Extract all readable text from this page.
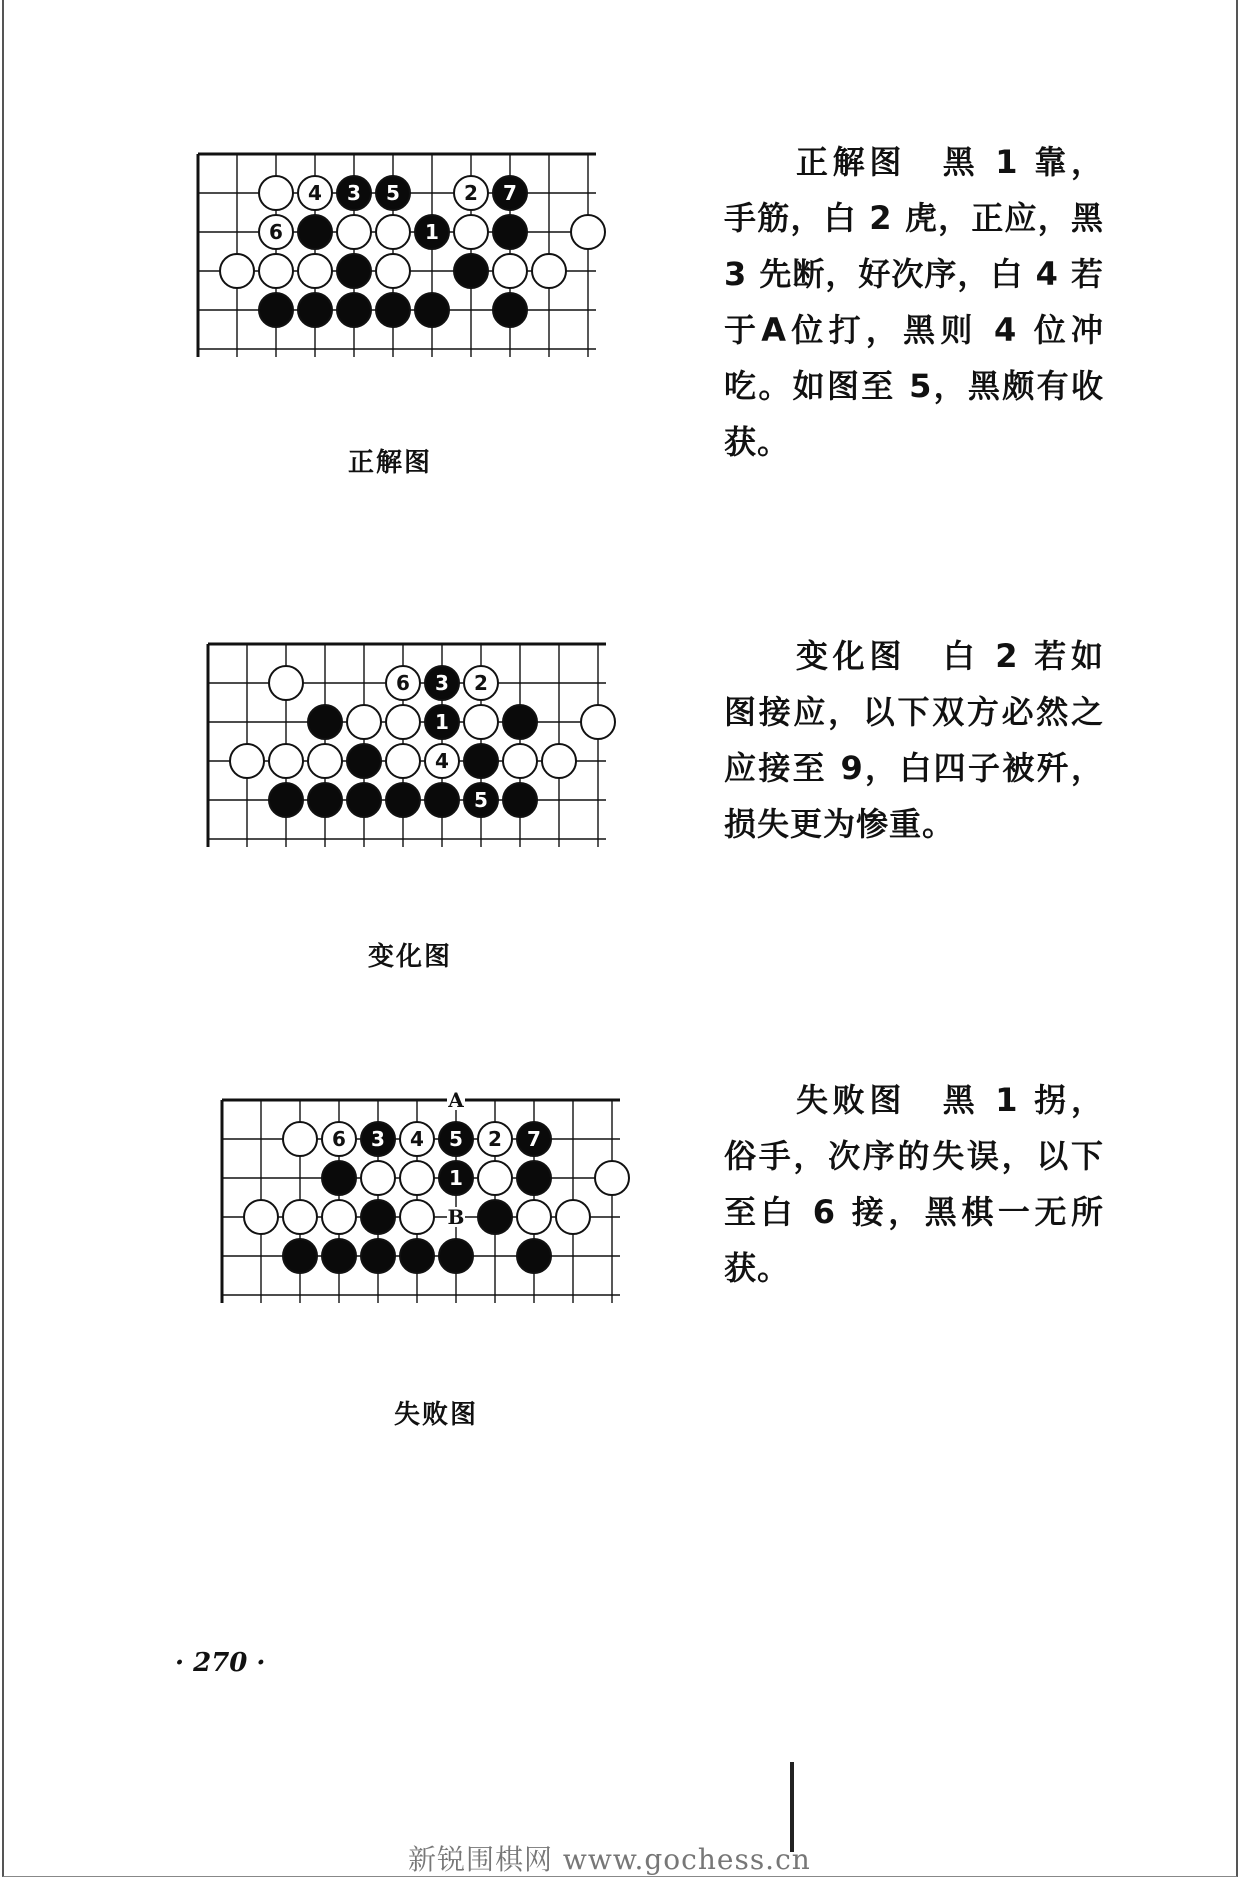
4 3 5	2 7
6	1
正解图
正解图　黑 1 靠，手筋，白 2 虎，正应，黑 3 先断，好次序，白 4 若于A位打，黑则 4 位冲吃。如图至 5，黑颇有收获。
6 3 2
1
4
5
变化图
变化图　白 2 若如图接应，以下双方必然之应接至 9，白四子被歼，损失更为惨重。
A
B
6 3 4 5 2 7
1
失败图
失败图　黑 1 拐，俗手，次序的失误，以下至白 6 接，黑棋一无所获。
· 270 ·
新锐围棋网 www.gochess.cn
